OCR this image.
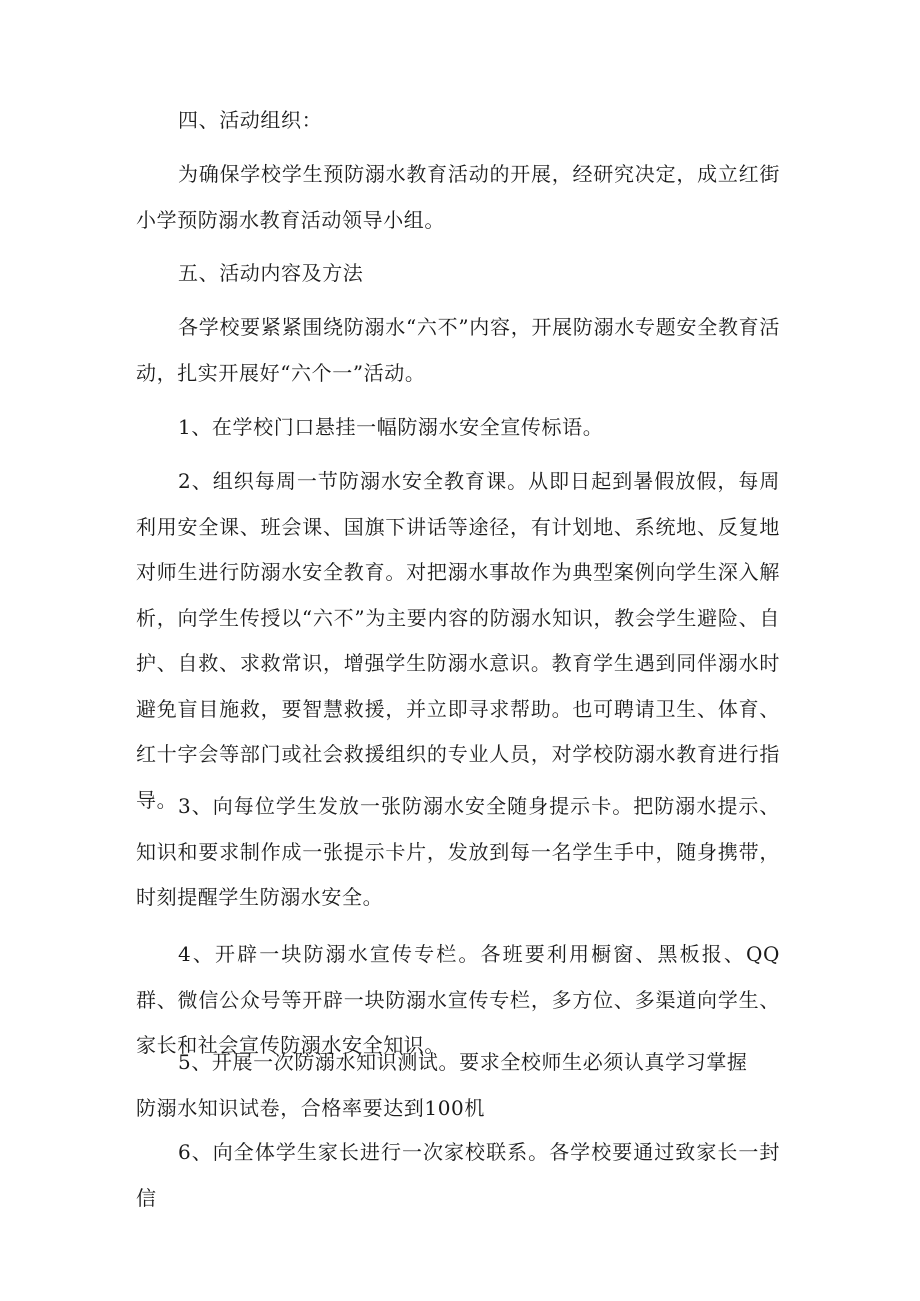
四、活动组织：

为确保学校学生预防溺水教育活动的开展，经研究决定，成立红街小学预防溺水教育活动领导小组。

五、活动内容及方法

各学校要紧紧围绕防溺水“六不”内容，开展防溺水专题安全教育活动，扎实开展好“六个一”活动。

1、在学校门口悬挂一幅防溺水安全宣传标语。

2、组织每周一节防溺水安全教育课。从即日起到暑假放假，每周利用安全课、班会课、国旗下讲话等途径，有计划地、系统地、反复地对师生进行防溺水安全教育。对把溺水事故作为典型案例向学生深入解析，向学生传授以“六不”为主要内容的防溺水知识，教会学生避险、自护、自救、求救常识，增强学生防溺水意识。教育学生遇到同伴溺水时避免盲目施救，要智慧救援，并立即寻求帮助。也可聘请卫生、体育、红十字会等部门或社会救援组织的专业人员，对学校防溺水教育进行指导。 3、向每位学生发放一张防溺水安全随身提示卡。把防溺水提示、知识和要求制作成一张提示卡片，发放到每一名学生手中，随身携带，时刻提醒学生防溺水安全。

4、开辟一块防溺水宣传专栏。各班要利用橱窗、黑板报、QQ群、微信公众号等开辟一块防溺水宣传专栏，多方位、多渠道向学生、家长和社会宣传防溺水安全知识。

5、开展一次防溺水知识测试。要求全校师生必须认真学习掌握
防溺水知识试卷，合格率要达到100机

6、向全体学生家长进行一次家校联系。各学校要通过致家长一封信
